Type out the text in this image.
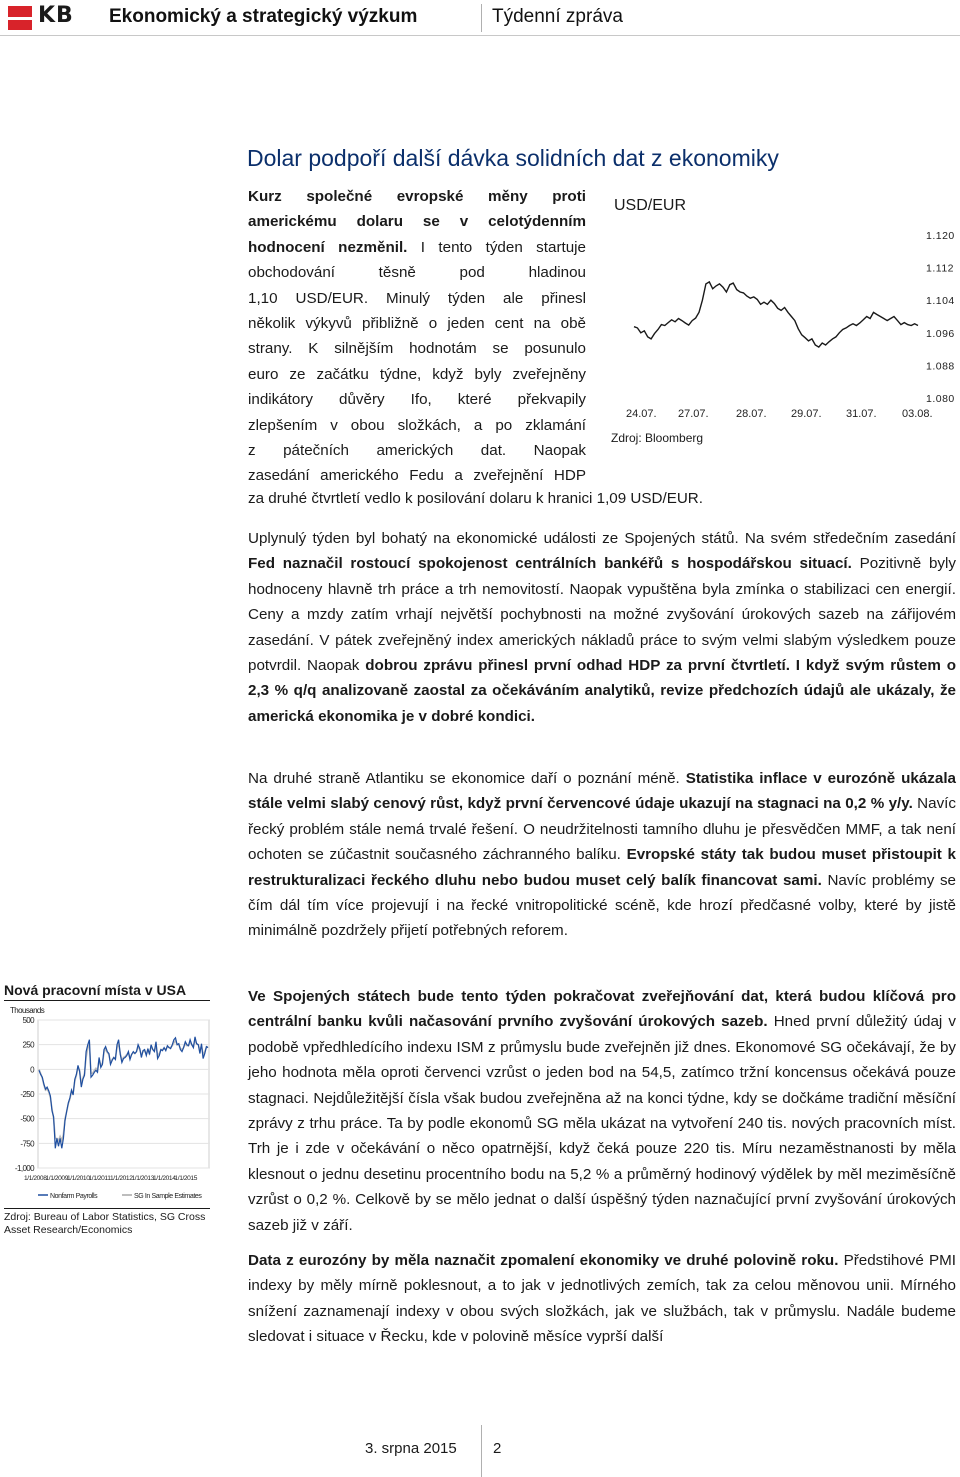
KB Ekonomický a strategický výzkum	Týdenní zpráva
Dolar podpoří další dávka solidních dat z ekonomiky
Kurz společné evropské měny proti
americkému dolaru se v celotýdenním
hodnocení nezměnil. I tento týden startuje
obchodování těsně pod hladinou
1,10 USD/EUR. Minulý týden ale přinesl
několik výkyvů přibližně o jeden cent na obě
strany. K silnějším hodnotám se posunulo
euro ze začátku týdne, když byly zveřejněny
indikátory důvěry Ifo, které překvapily
zlepšením v obou složkách, a po zklamání
z pátečních amerických dat. Naopak
zasedání amerického Fedu a zveřejnění HDP
za druhé čtvrtletí vedlo k posilování dolaru k hranici 1,09 USD/EUR.
USD/EUR
1.120
1.112
1.104
1.096
1.088
1.080
24.07. 27.07. 28.07. 29.07. 31.07. 03.08.
Zdroj: Bloomberg
Uplynulý týden byl bohatý na ekonomické události ze Spojených států. Na svém středečním zasedání Fed naznačil rostoucí spokojenost centrálních bankéřů s hospodářskou situací. Pozitivně byly hodnoceny hlavně trh práce a trh nemovitostí. Naopak vypuštěna byla zmínka o stabilizaci cen energií. Ceny a mzdy zatím vrhají největší pochybnosti na možné zvyšování úrokových sazeb na zářijovém zasedání. V pátek zveřejněný index amerických nákladů práce to svým velmi slabým výsledkem pouze potvrdil. Naopak dobrou zprávu přinesl první odhad HDP za první čtvrtletí. I když svým růstem o 2,3 % q/q analizovaně zaostal za očekáváním analytiků, revize předchozích údajů ale ukázaly, že americká ekonomika je v dobré kondici.
Na druhé straně Atlantiku se ekonomice daří o poznání méně. Statistika inflace v eurozóně ukázala stále velmi slabý cenový růst, když první červencové údaje ukazují na stagnaci na 0,2 % y/y. Navíc řecký problém stále nemá trvalé řešení. O neudržitelnosti tamního dluhu je přesvědčen MMF, a tak není ochoten se zúčastnit současného záchranného balíku. Evropské státy tak budou muset přistoupit k restrukturalizaci řeckého dluhu nebo budou muset celý balík financovat sami. Navíc problémy se čím dál tím více projevují i na řecké vnitropolitické scéně, kde hrozí předčasné volby, které by jistě minimálně pozdržely přijetí potřebných reforem.
Ve Spojených státech bude tento týden pokračovat zveřejňování dat, která budou klíčová pro centrální banku kvůli načasování prvního zvyšování úrokových sazeb. Hned první důležitý údaj v podobě vpředhledícího indexu ISM z průmyslu bude zveřejněn již dnes. Ekonomové SG očekávají, že by jeho hodnota měla oproti červenci vzrůst o jeden bod na 54,5, zatímco tržní koncensus očekává pouze stagnaci. Nejdůležitější čísla však budou zveřejněna až na konci týdne, kdy se dočkáme tradiční měsíční zprávy z trhu práce. Ta by podle ekonomů SG měla ukázat na vytvoření 240 tis. nových pracovních míst. Trh je i zde v očekávání o něco opatrnější, když čeká pouze 220 tis. Míru nezaměstnanosti by měla klesnout o jednu desetinu procentního bodu na 5,2 % a průměrný hodinový výdělek by měl meziměsíčně vzrůst o 0,2 %. Celkově by se mělo jednat o další úspěšný týden naznačující první zvyšování úrokových sazeb již v září.
Data z eurozóny by měla naznačit zpomalení ekonomiky ve druhé polovině roku. Předstihové PMI indexy by měly mírně poklesnout, a to jak v jednotlivých zemích, tak za celou měnovou unii. Mírného snížení zaznamenají indexy v obou svých složkách, jak ve službách, tak v průmyslu. Nadále budeme sledovat i situace v Řecku, kde v polovině měsíce vyprší další
Nová pracovní místa v USA
Thousands
500
250
0
-250
-500
-750
-1,000
1/1/2008 1/1/2009 1/1/2010 1/1/2011 1/1/2012 1/1/2013 1/1/2014 1/1/2015
Nonfarm Payrolls	SG In Sample Estimates
Zdroj: Bureau of Labor Statistics, SG Cross Asset Research/Economics
3. srpna 2015 2
